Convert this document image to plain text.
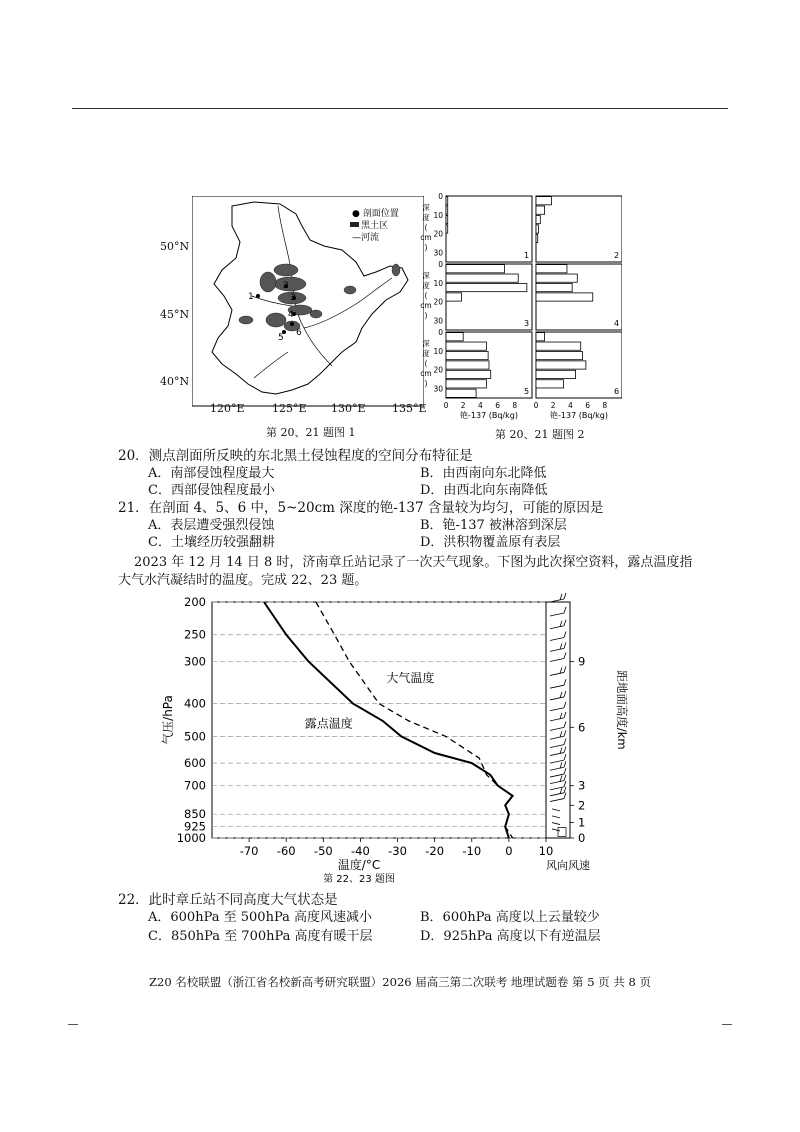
1
2
3
4
5 6
● 剖面位置
黑土区
—河流
50°N
45°N
40°N
120°E 125°E 130°E 135°E
第 20、21 题图 1
1
0
10
20
30
深
度
(
cm
)
2
3
0
10
20
30
深
度
(
cm
)
4
5
0
10
20
30
深
度
(
cm
)
0 2 4 6 8
铯-137 (Bq/kg)
6
0 2 4 6 8
铯-137 (Bq/kg)
第 20、21 题图 2
20．测点剖面所反映的东北黑土侵蚀程度的空间分布特征是
A．南部侵蚀程度最大	B．由西南向东北降低
C．西部侵蚀程度最小	D．由西北向东南降低
21．在剖面 4、5、6 中，5~20cm 深度的铯-137 含量较为均匀，可能的原因是
A．表层遭受强烈侵蚀	B．铯-137 被淋溶到深层
C．土壤经历较强翻耕	D．洪积物覆盖原有表层
2023 年 12 月 14 日 8 时，济南章丘站记录了一次天气现象。下图为此次探空资料，露点温度指
大气水汽凝结时的温度。完成 22、23 题。
200
250
300
400
500
600
700
850
925
1000
-70 -60 -50 -40 -30 -20 -10 0 10
气压/hPa
温度/°C
第 22、23 题图
大气温度
露点温度
风向风速
9
6
3
2
1
0
距地面高度/km
22．此时章丘站不同高度大气状态是
A．600hPa 至 500hPa 高度风速减小	B．600hPa 高度以上云量较少
C．850hPa 至 700hPa 高度有暖干层	D．925hPa 高度以下有逆温层
Z20 名校联盟（浙江省名校新高考研究联盟）2026 届高三第二次联考 地理试题卷 第 5 页 共 8 页
